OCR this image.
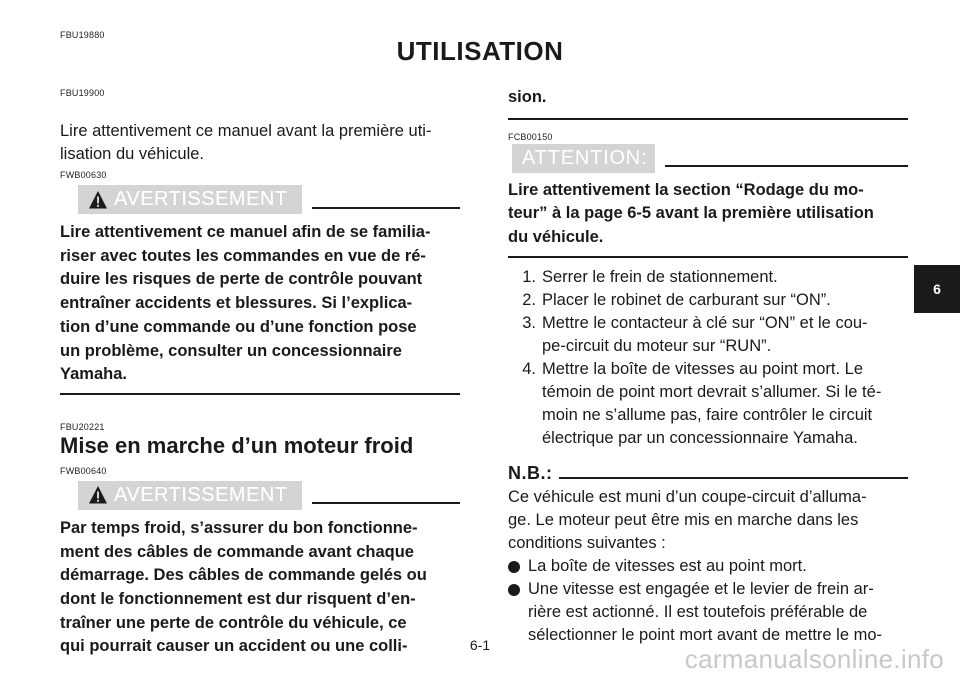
FBU19880
UTILISATION
FBU19900
Lire attentivement ce manuel avant la première uti-
lisation du véhicule.
FWB00630
AVERTISSEMENT
Lire attentivement ce manuel afin de se familia-
riser avec toutes les commandes en vue de ré-
duire les risques de perte de contrôle pouvant
entraîner accidents et blessures. Si l’explica-
tion d’une commande ou d’une fonction pose
un problème, consulter un concessionnaire
Yamaha.
FBU20221
Mise en marche d’un moteur froid
FWB00640
AVERTISSEMENT
Par temps froid, s’assurer du bon fonctionne-
ment des câbles de commande avant chaque
démarrage. Des câbles de commande gelés ou
dont le fonctionnement est dur risquent d’en-
traîner une perte de contrôle du véhicule, ce
qui pourrait causer un accident ou une colli-
sion.
FCB00150
ATTENTION:
Lire attentivement la section “Rodage du mo-
teur” à la page 6-5 avant la première utilisation
du véhicule.
1. Serrer le frein de stationnement.
2. Placer le robinet de carburant sur “ON”.
3. Mettre le contacteur à clé sur “ON” et le cou-
pe-circuit du moteur sur “RUN”.
4. Mettre la boîte de vitesses au point mort. Le
témoin de point mort devrait s’allumer. Si le té-
moin ne s’allume pas, faire contrôler le circuit
électrique par un concessionnaire Yamaha.
N.B.:
Ce véhicule est muni d’un coupe-circuit d’alluma-
ge. Le moteur peut être mis en marche dans les
conditions suivantes :
La boîte de vitesses est au point mort.
Une vitesse est engagée et le levier de frein ar-
rière est actionné. Il est toutefois préférable de
sélectionner le point mort avant de mettre le mo-
6
6-1	carmanualsonline.info
